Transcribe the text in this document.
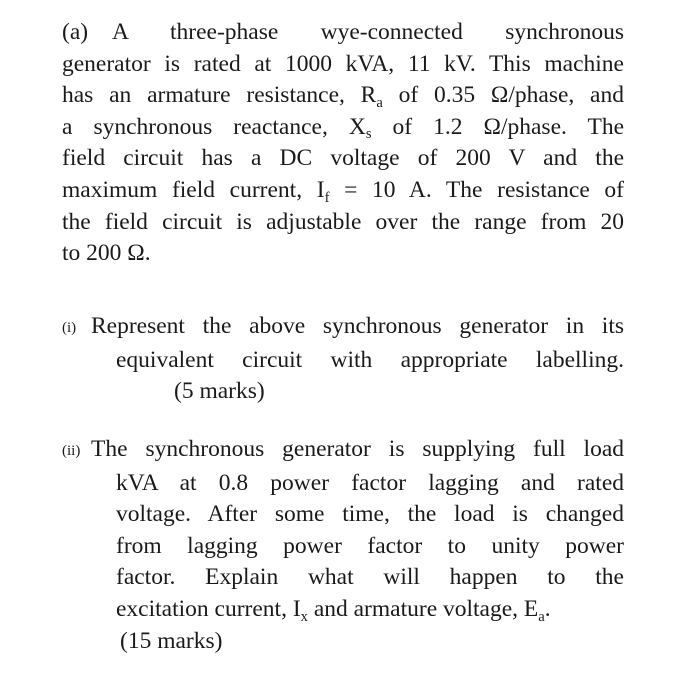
(a) A three-phase wye-connected synchronous
generator is rated at 1000 kVA, 11 kV. This machine
has an armature resistance, Ra of 0.35 Ω/phase, and
a synchronous reactance, Xs of 1.2 Ω/phase. The
field circuit has a DC voltage of 200 V and the
maximum field current, If = 10 A. The resistance of
the field circuit is adjustable over the range from 20
to 200 Ω.
(i) Represent the above synchronous generator in its
equivalent circuit with appropriate labelling.
(5 marks)
(ii) The synchronous generator is supplying full load
kVA at 0.8 power factor lagging and rated
voltage. After some time, the load is changed
from lagging power factor to unity power
factor. Explain what will happen to the
excitation current, Ix and armature voltage, Ea.
(15 marks)
